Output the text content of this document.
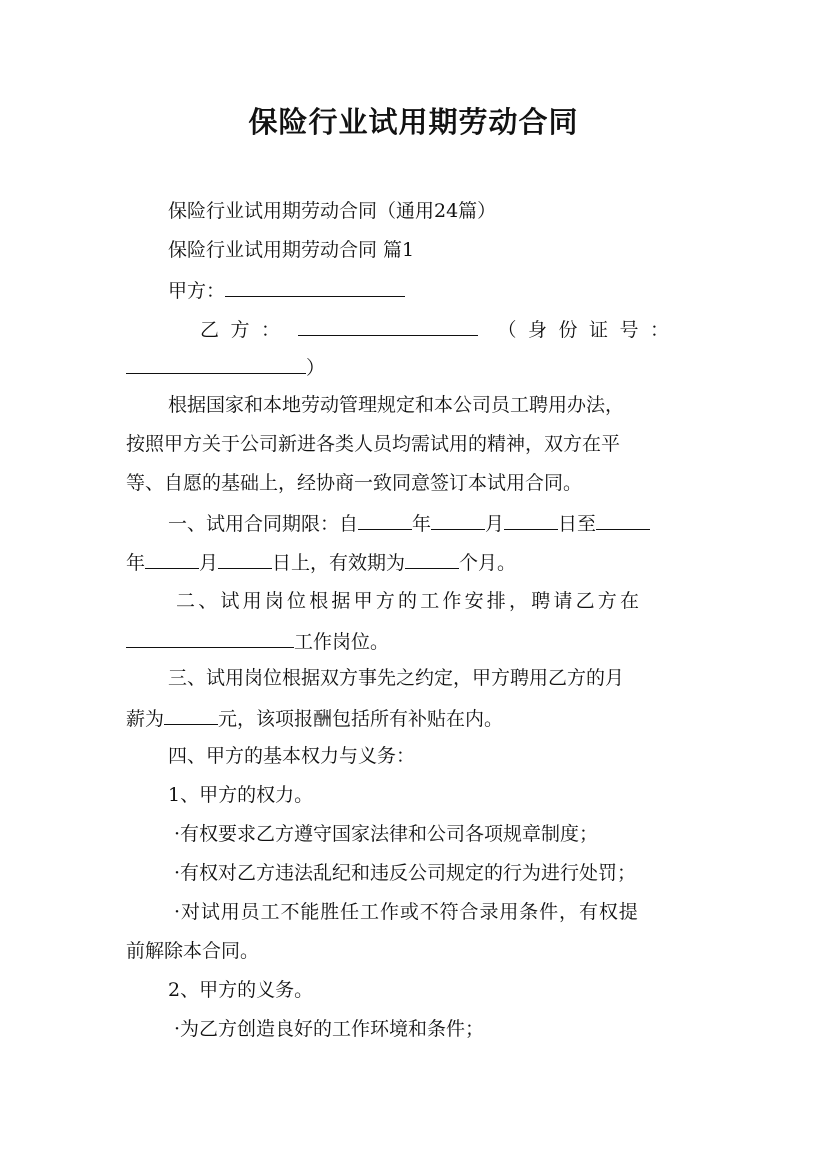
保险行业试用期劳动合同
保险行业试用期劳动合同（通用24篇）
保险行业试用期劳动合同 篇1
甲方：
乙方：	（身份证号：
）
根据国家和本地劳动管理规定和本公司员工聘用办法，
按照甲方关于公司新进各类人员均需试用的精神，双方在平
等、自愿的基础上，经协商一致同意签订本试用合同。
一、试用合同期限：自	年	月	日至
年	月	日上，有效期为	个月。
二、试用岗位根据甲方的工作安排，聘请乙方在
工作岗位。
三、试用岗位根据双方事先之约定，甲方聘用乙方的月
薪为	元，该项报酬包括所有补贴在内。
四、甲方的基本权力与义务：
1、甲方的权力。
·有权要求乙方遵守国家法律和公司各项规章制度；
·有权对乙方违法乱纪和违反公司规定的行为进行处罚；
·对试用员工不能胜任工作或不符合录用条件，有权提
前解除本合同。
2、甲方的义务。
·为乙方创造良好的工作环境和条件；
